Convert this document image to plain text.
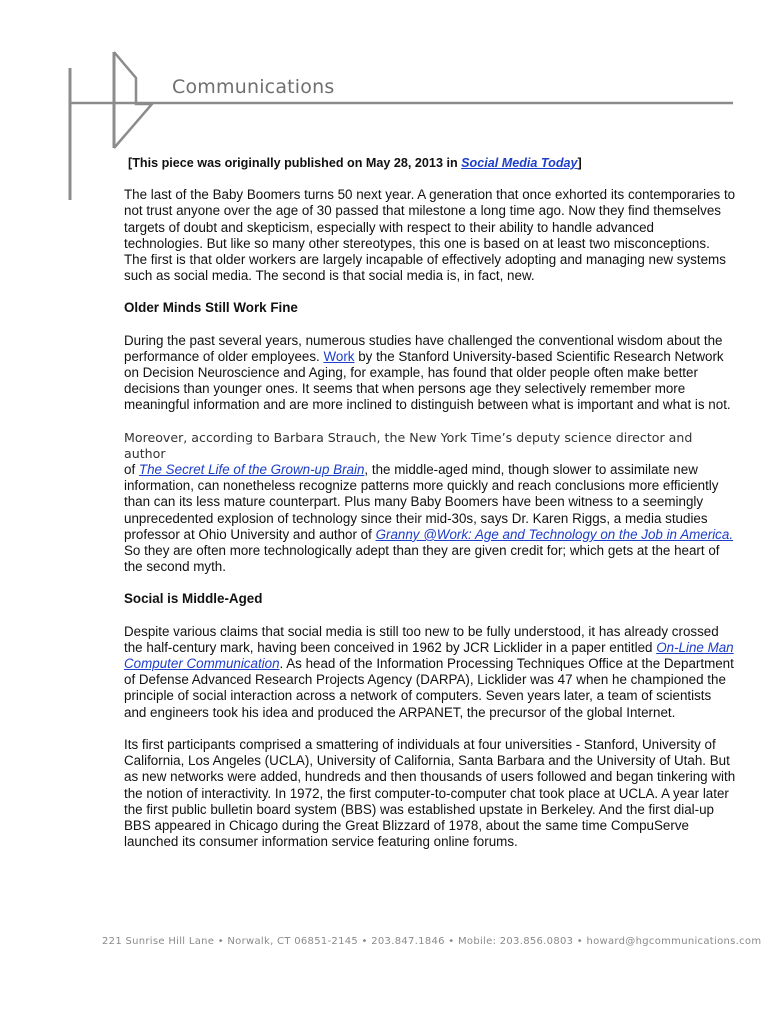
Communications
[This piece was originally published on May 28, 2013 in Social Media Today]

The last of the Baby Boomers turns 50 next year. A generation that once exhorted its contemporaries to not trust anyone over the age of 30 passed that milestone a long time ago. Now they find themselves targets of doubt and skepticism, especially with respect to their ability to handle advanced technologies. But like so many other stereotypes, this one is based on at least two misconceptions. The first is that older workers are largely incapable of effectively adopting and managing new systems such as social media. The second is that social media is, in fact, new.

Older Minds Still Work Fine

During the past several years, numerous studies have challenged the conventional wisdom about the performance of older employees. Work by the Stanford University-based Scientific Research Network on Decision Neuroscience and Aging, for example, has found that older people often make better decisions than younger ones. It seems that when persons age they selectively remember more meaningful information and are more inclined to distinguish between what is important and what is not.

Moreover, according to Barbara Strauch, the New York Time’s deputy science director and author
of The Secret Life of the Grown-up Brain, the middle-aged mind, though slower to assimilate new information, can nonetheless recognize patterns more quickly and reach conclusions more efficiently than can its less mature counterpart. Plus many Baby Boomers have been witness to a seemingly unprecedented explosion of technology since their mid-30s, says Dr. Karen Riggs, a media studies professor at Ohio University and author of Granny @Work: Age and Technology on the Job in America. So they are often more technologically adept than they are given credit for; which gets at the heart of the second myth.

Social is Middle-Aged

Despite various claims that social media is still too new to be fully understood, it has already crossed the half-century mark, having been conceived in 1962 by JCR Licklider in a paper entitled On-Line Man Computer Communication. As head of the Information Processing Techniques Office at the Department of Defense Advanced Research Projects Agency (DARPA), Licklider was 47 when he championed the principle of social interaction across a network of computers. Seven years later, a team of scientists and engineers took his idea and produced the ARPANET, the precursor of the global Internet.

Its first participants comprised a smattering of individuals at four universities - Stanford, University of California, Los Angeles (UCLA), University of California, Santa Barbara and the University of Utah. But as new networks were added, hundreds and then thousands of users followed and began tinkering with the notion of interactivity. In 1972, the first computer-to-computer chat took place at UCLA. A year later the first public bulletin board system (BBS) was established upstate in Berkeley. And the first dial-up BBS appeared in Chicago during the Great Blizzard of 1978, about the same time CompuServe launched its consumer information service featuring online forums.

221 Sunrise Hill Lane • Norwalk, CT 06851-2145 • 203.847.1846 • Mobile: 203.856.0803 • howard@hgcommunications.com
